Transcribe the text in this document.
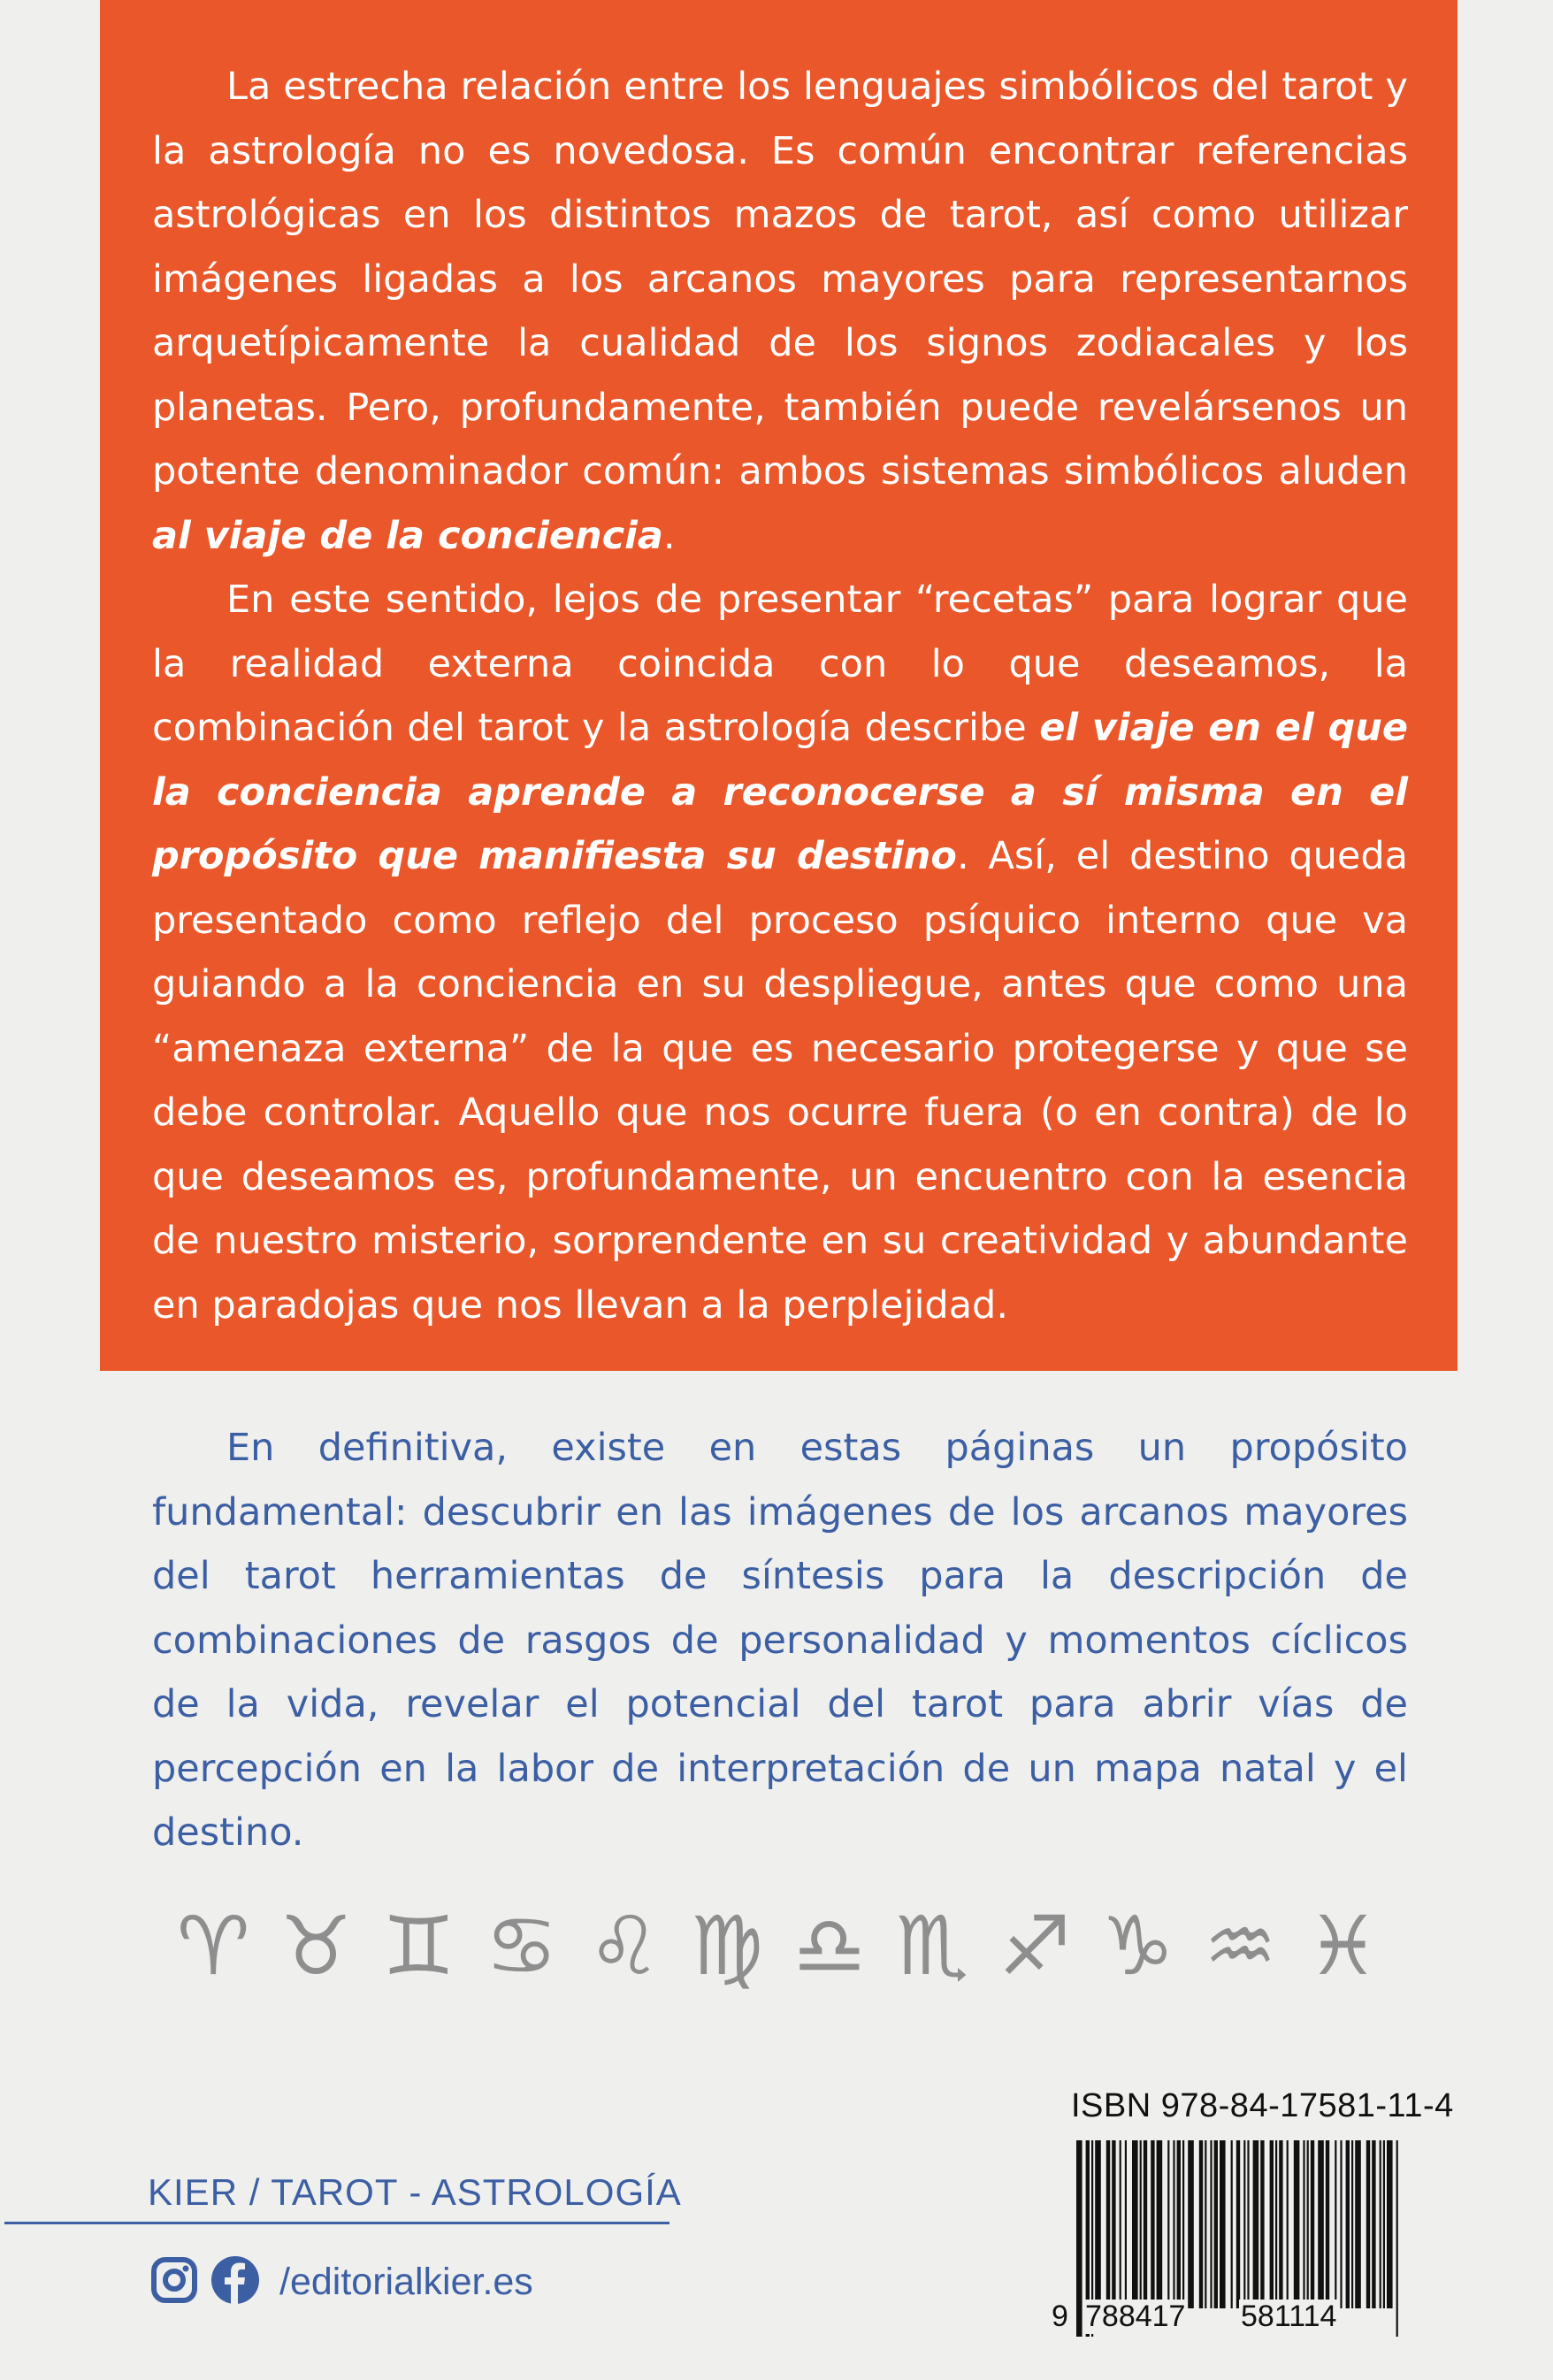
La estrecha relación entre los lenguajes simbólicos del tarot y la astrología no es novedosa. Es común encontrar referencias astrológicas en los distintos mazos de tarot, así como utilizar imágenes ligadas a los arcanos mayores para representarnos arquetípicamente la cualidad de los signos zodiacales y los planetas. Pero, profundamente, también puede revelársenos un potente denominador común: ambos sistemas simbólicos aluden al viaje de la conciencia.

En este sentido, lejos de presentar “recetas” para lograr que la realidad externa coincida con lo que deseamos, la combinación del tarot y la astrología describe el viaje en el que la conciencia aprende a reconocerse a sí misma en el propósito que manifiesta su destino. Así, el destino queda presentado como reflejo del proceso psíquico interno que va guiando a la conciencia en su despliegue, antes que como una “amenaza externa” de la que es necesario protegerse y que se debe controlar. Aquello que nos ocurre fuera (o en contra) de lo que deseamos es, profundamente, un encuentro con la esencia de nuestro misterio, sorprendente en su creatividad y abundante en paradojas que nos llevan a la perplejidad.

En definitiva, existe en estas páginas un propósito fundamental: descubrir en las imágenes de los arcanos mayores del tarot herramientas de síntesis para la descripción de combinaciones de rasgos de personalidad y momentos cíclicos de la vida, revelar el potencial del tarot para abrir vías de percepción en la labor de interpretación de un mapa natal y el destino.

♈︎ ♉︎ ♊︎ ♋︎ ♌︎ ♍︎ ♎︎ ♏︎ ♐︎ ♑︎ ♒︎ ♓︎
KIER / TAROT - ASTROLOGÍA
/editorialkier.es
ISBN 978-84-17581-11-4
9 788417 581114
